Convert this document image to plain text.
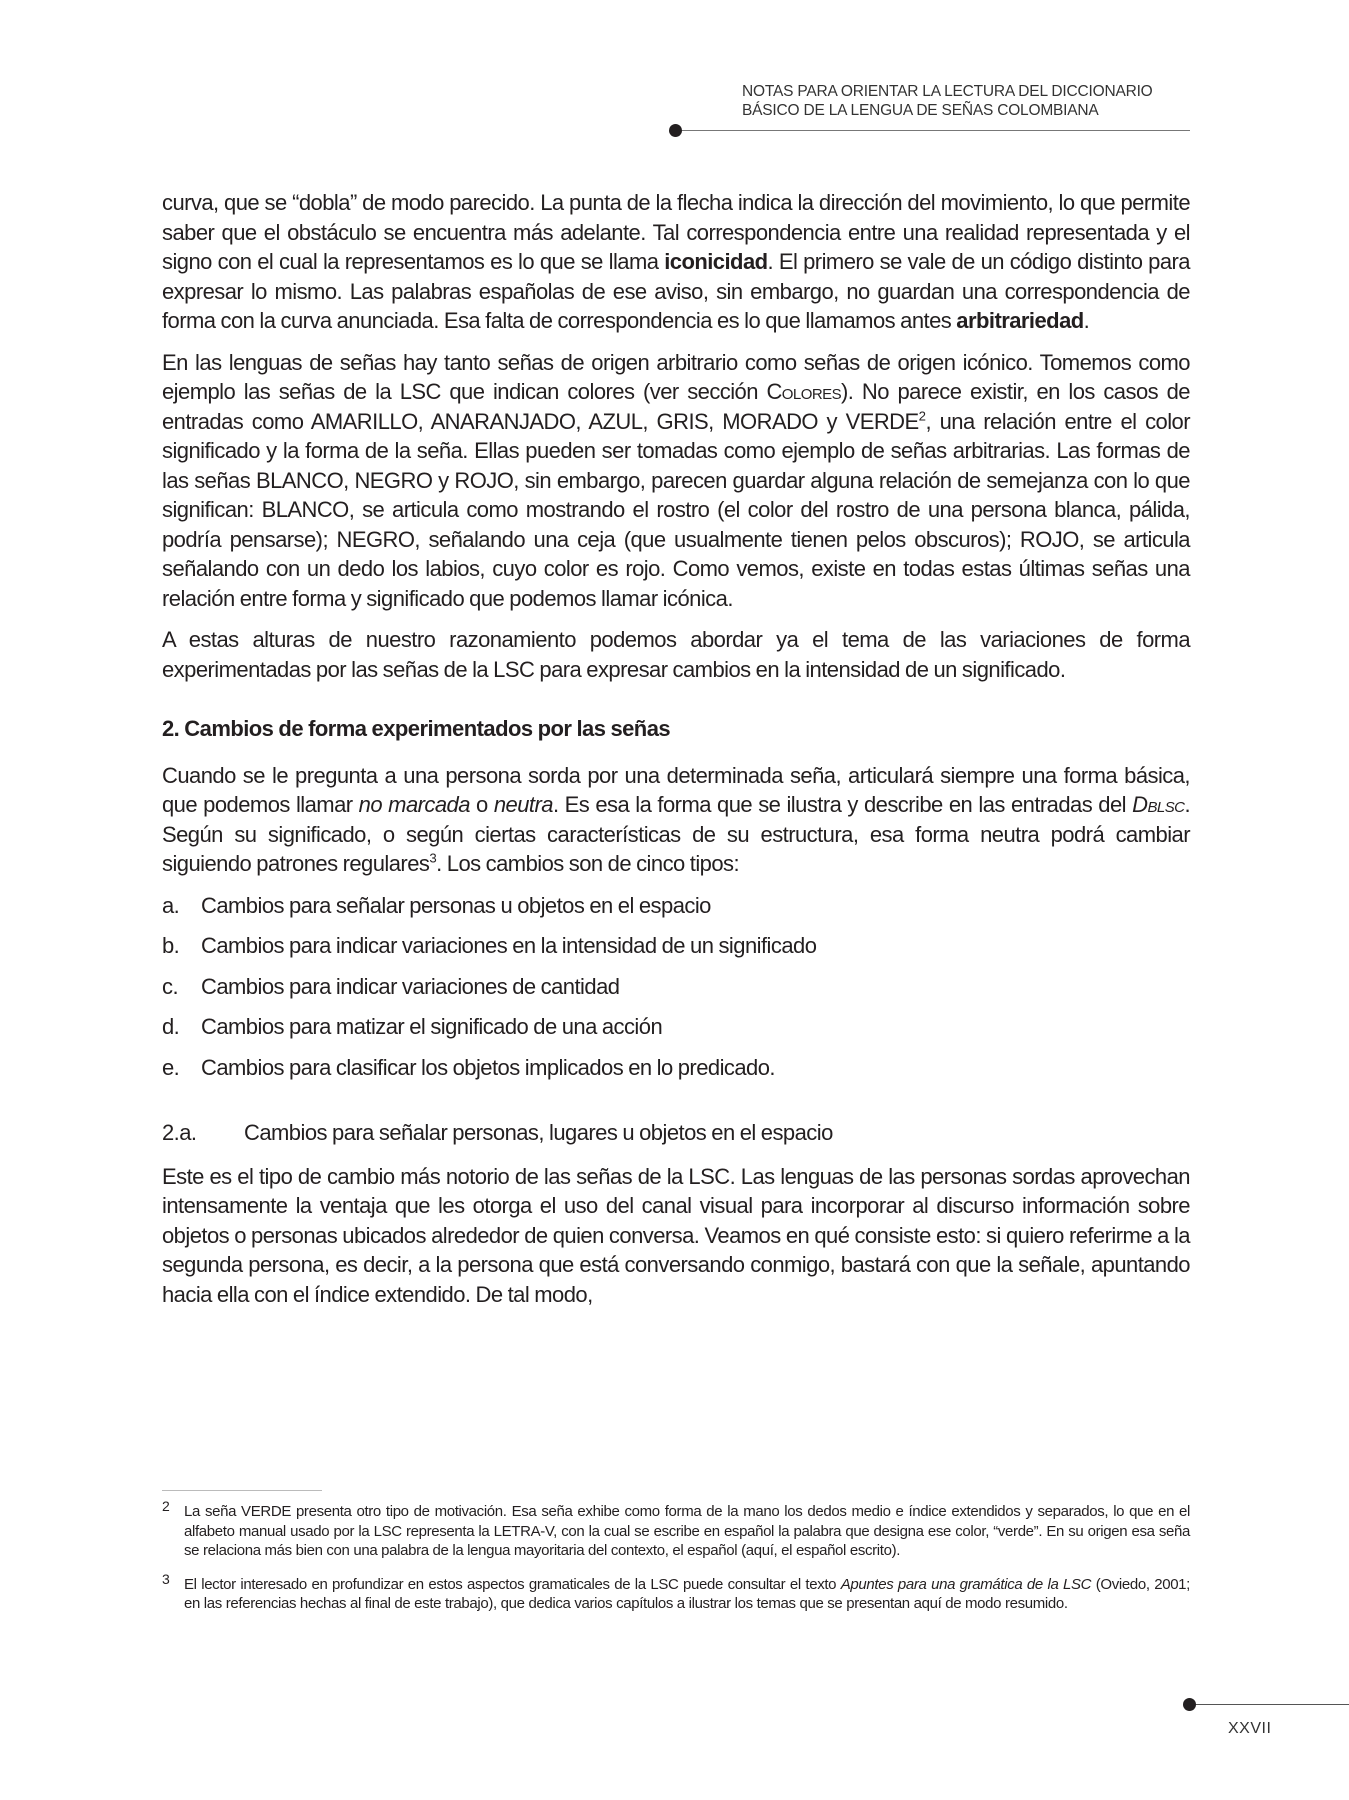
NOTAS PARA ORIENTAR LA LECTURA DEL DICCIONARIO
BÁSICO DE LA LENGUA DE SEÑAS COLOMBIANA

curva, que se “dobla” de modo parecido. La punta de la flecha indica la dirección del movimiento, lo que permite saber que el obstáculo se encuentra más adelante. Tal correspondencia entre una realidad representada y el signo con el cual la representamos es lo que se llama iconicidad. El primero se vale de un código distinto para expresar lo mismo. Las palabras españolas de ese aviso, sin embargo, no guardan una correspondencia de forma con la curva anunciada. Esa falta de correspondencia es lo que llamamos antes arbitrariedad.

En las lenguas de señas hay tanto señas de origen arbitrario como señas de origen icónico. Tomemos como ejemplo las señas de la LSC que indican colores (ver sección Colores). No parece existir, en los casos de entradas como AMARILLO, ANARANJADO, AZUL, GRIS, MORADO y VERDE$^2$, una relación entre el color significado y la forma de la seña. Ellas pueden ser tomadas como ejemplo de señas arbitrarias. Las formas de las señas BLANCO, NEGRO y ROJO, sin embargo, parecen guardar alguna relación de semejanza con lo que significan: BLANCO, se articula como mostrando el rostro (el color del rostro de una persona blanca, pálida, podría pensarse); NEGRO, señalando una ceja (que usualmente tienen pelos obscuros); ROJO, se articula señalando con un dedo los labios, cuyo color es rojo. Como vemos, existe en todas estas últimas señas una relación entre forma y significado que podemos llamar icónica.

A estas alturas de nuestro razonamiento podemos abordar ya el tema de las variaciones de forma experimentadas por las señas de la LSC para expresar cambios en la intensidad de un significado.

2. Cambios de forma experimentados por las señas

Cuando se le pregunta a una persona sorda por una determinada seña, articulará siempre una forma básica, que podemos llamar no marcada o neutra. Es esa la forma que se ilustra y describe en las entradas del Dblsc. Según su significado, o según ciertas características de su estructura, esa forma neutra podrá cambiar siguiendo patrones regulares$^3$. Los cambios son de cinco tipos:

a. Cambios para señalar personas u objetos en el espacio
b. Cambios para indicar variaciones en la intensidad de un significado
c.	Cambios para indicar variaciones de cantidad
d. Cambios para matizar el significado de una acción
e. Cambios para clasificar los objetos implicados en lo predicado.

2.a.	Cambios para señalar personas, lugares u objetos en el espacio

Este es el tipo de cambio más notorio de las señas de la LSC. Las lenguas de las personas sordas aprovechan intensamente la ventaja que les otorga el uso del canal visual para incorporar al discurso información sobre objetos o personas ubicados alrededor de quien conversa. Veamos en qué consiste esto: si quiero referirme a la segunda persona, es decir, a la persona que está conversando conmigo, bastará con que la señale, apuntando hacia ella con el índice extendido. De tal modo,

2 La seña VERDE presenta otro tipo de motivación. Esa seña exhibe como forma de la mano los dedos medio e índice extendidos y separados, lo que en el alfabeto manual usado por la LSC representa la LETRA-V, con la cual se escribe en español la palabra que designa ese color, “verde”. En su origen esa seña se relaciona más bien con una palabra de la lengua mayoritaria del contexto, el español (aquí, el español escrito).
3 El lector interesado en profundizar en estos aspectos gramaticales de la LSC puede consultar el texto Apuntes para una gramática de la LSC (Oviedo, 2001; en las referencias hechas al final de este trabajo), que dedica varios capítulos a ilustrar los temas que se presentan aquí de modo resumido.
XXVII
